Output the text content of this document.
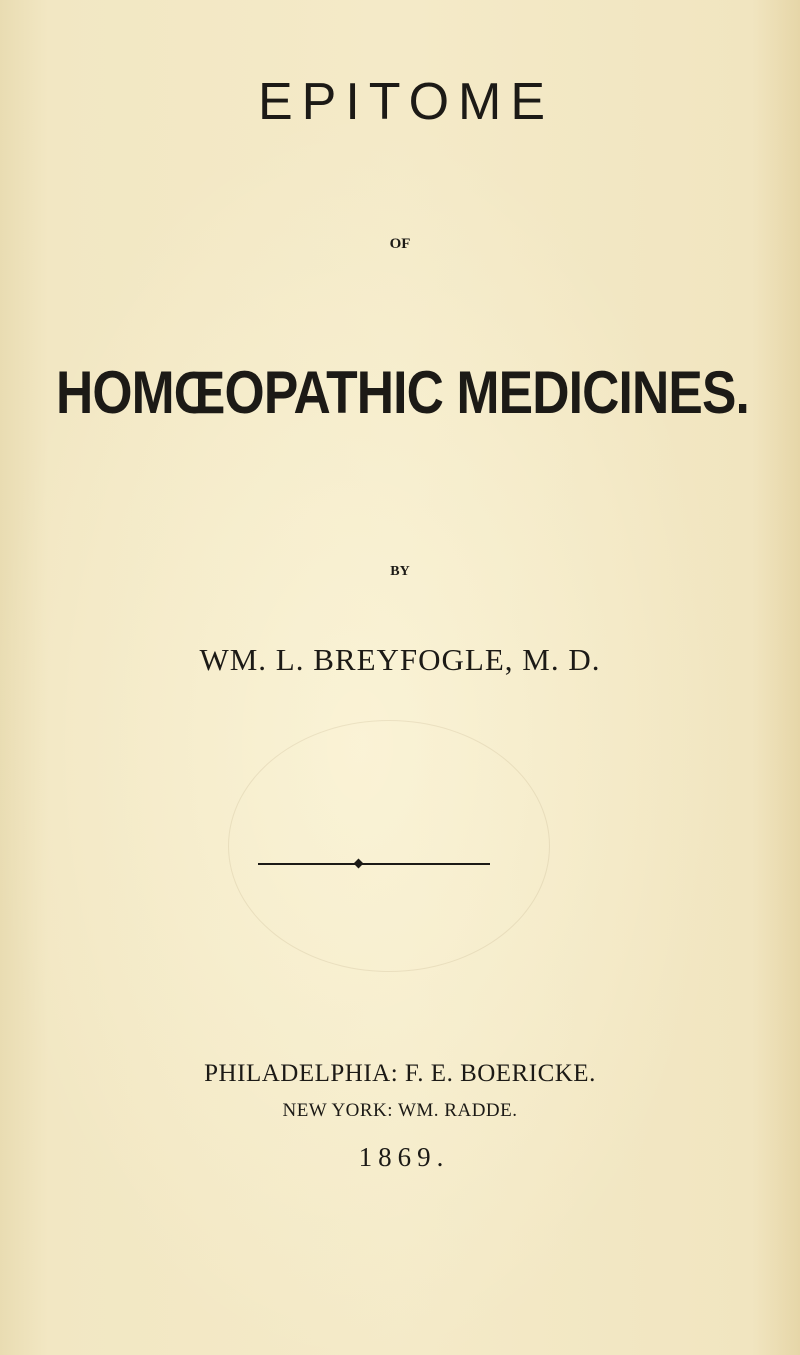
EPITOME
OF
HOMŒOPATHIC MEDICINES.
BY
WM. L. BREYFOGLE, M. D.
PHILADELPHIA: F. E. BOERICKE.
NEW YORK: WM. RADDE.
1869.
